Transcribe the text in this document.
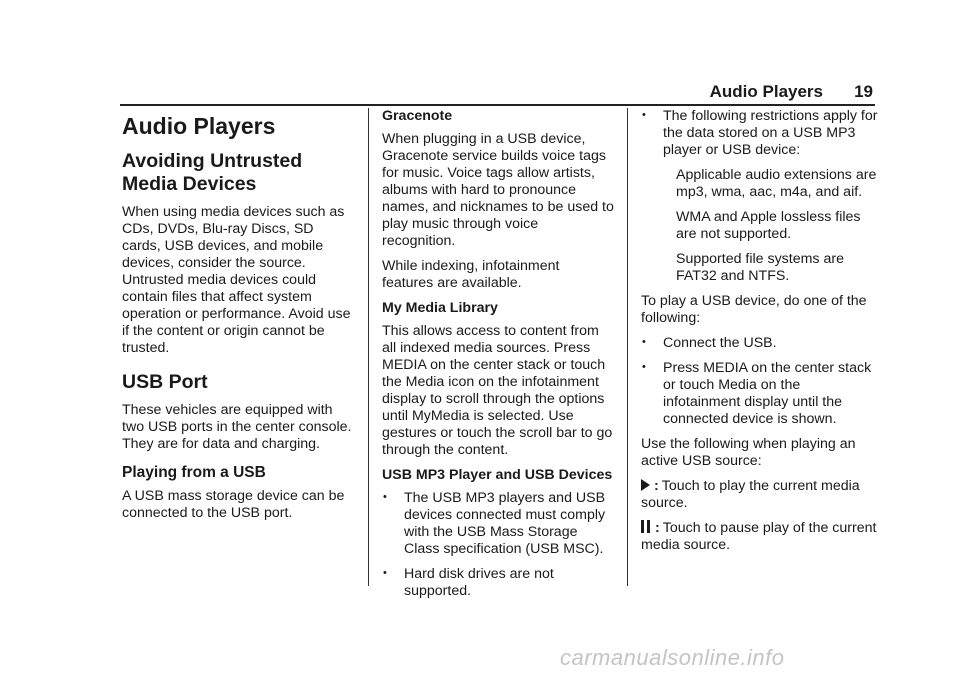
Audio Players 19
Audio Players
Avoiding Untrusted Media Devices

When using media devices such as CDs, DVDs, Blu-ray Discs, SD cards, USB devices, and mobile devices, consider the source. Untrusted media devices could contain files that affect system operation or performance. Avoid use if the content or origin cannot be trusted.

USB Port

These vehicles are equipped with two USB ports in the center console. They are for data and charging.

Playing from a USB

A USB mass storage device can be connected to the USB port.

Gracenote

When plugging in a USB device, Gracenote service builds voice tags for music. Voice tags allow artists, albums with hard to pronounce names, and nicknames to be used to play music through voice recognition.

While indexing, infotainment features are available.

My Media Library

This allows access to content from all indexed media sources. Press MEDIA on the center stack or touch the Media icon on the infotainment display to scroll through the options until MyMedia is selected. Use gestures or touch the scroll bar to go through the content.

USB MP3 Player and USB Devices

• The USB MP3 players and USB devices connected must comply with the USB Mass Storage Class specification (USB MSC).

• Hard disk drives are not supported.

• The following restrictions apply for the data stored on a USB MP3 player or USB device:

Applicable audio extensions are mp3, wma, aac, m4a, and aif.

WMA and Apple lossless files are not supported.

Supported file systems are FAT32 and NTFS.

To play a USB device, do one of the following:

• Connect the USB.

• Press MEDIA on the center stack or touch Media on the infotainment display until the connected device is shown.

Use the following when playing an active USB source:

: Touch to play the current media source.

: Touch to pause play of the current media source.

carmanualsonline.info
